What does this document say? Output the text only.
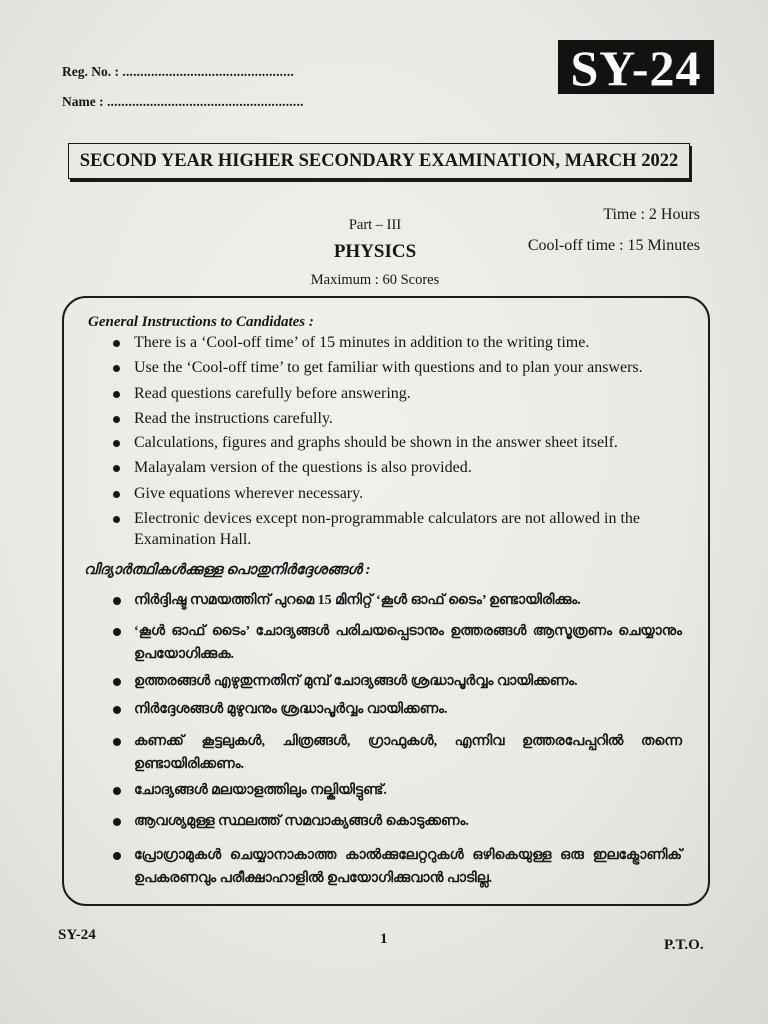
Reg. No. : ................................................
Name : .......................................................
SY-24
SECOND YEAR HIGHER SECONDARY EXAMINATION, MARCH 2022
Part – III
PHYSICS
Maximum : 60 Scores
Time : 2 Hours
Cool-off time : 15 Minutes
General Instructions to Candidates :
There is a ‘Cool-off time’ of 15 minutes in addition to the writing time.
Use the ‘Cool-off time’ to get familiar with questions and to plan your answers.
Read questions carefully before answering.
Read the instructions carefully.
Calculations, figures and graphs should be shown in the answer sheet itself.
Malayalam version of the questions is also provided.
Give equations wherever necessary.
Electronic devices except non-programmable calculators are not allowed in the Examination Hall.
വിദ്യാർത്ഥികൾക്കുള്ള പൊതുനിർദ്ദേശങ്ങൾ :
നിർദ്ദിഷ്ട സമയത്തിന് പുറമെ 15 മിനിറ്റ് ‘കൂൾ ഓഫ് ടൈം’ ഉണ്ടായിരിക്കും.
‘കൂൾ ഓഫ് ടൈം’ ചോദ്യങ്ങൾ പരിചയപ്പെടാനും ഉത്തരങ്ങൾ ആസൂത്രണം ചെയ്യാനും ഉപയോഗിക്കുക.
ഉത്തരങ്ങൾ എഴുതുന്നതിന് മുമ്പ് ചോദ്യങ്ങൾ ശ്രദ്ധാപൂർവ്വം വായിക്കണം.
നിർദ്ദേശങ്ങൾ മുഴുവനും ശ്രദ്ധാപൂർവ്വം വായിക്കണം.
കണക്ക് കൂട്ടലുകൾ, ചിത്രങ്ങൾ, ഗ്രാഫുകൾ, എന്നിവ ഉത്തരപേപ്പറിൽ തന്നെ ഉണ്ടായിരിക്കണം.
ചോദ്യങ്ങൾ മലയാളത്തിലും നല്കിയിട്ടുണ്ട്.
ആവശ്യമുള്ള സ്ഥലത്ത് സമവാക്യങ്ങൾ കൊടുക്കണം.
പ്രോഗ്രാമുകൾ ചെയ്യാനാകാത്ത കാൽക്കുലേറ്ററുകൾ ഒഴികെയുള്ള ഒരു ഇലക്ട്രോണിക് ഉപകരണവും പരീക്ഷാഹാളിൽ ഉപയോഗിക്കുവാൻ പാടില്ല.
SY-24	1	P.T.O.
